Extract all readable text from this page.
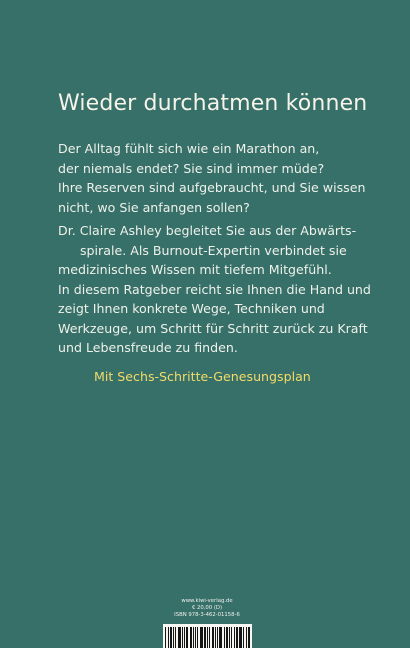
Wieder durchatmen können

Der Alltag fühlt sich wie ein Marathon an,
der niemals endet? Sie sind immer müde?
Ihre Reserven sind aufgebraucht, und Sie wissen
nicht, wo Sie anfangen sollen?

Dr. Claire Ashley begleitet Sie aus der Abwärts-
spirale. Als Burnout-Expertin verbindet sie
medizinisches Wissen mit tiefem Mitgefühl.
In diesem Ratgeber reicht sie Ihnen die Hand und
zeigt Ihnen konkrete Wege, Techniken und
Werkzeuge, um Schritt für Schritt zurück zu Kraft
und Lebensfreude zu finden.

Mit Sechs-Schritte-Genesungsplan

www.kiwi-verlag.de
€ 20,00 (D)
ISBN 978-3-462-01158-6
